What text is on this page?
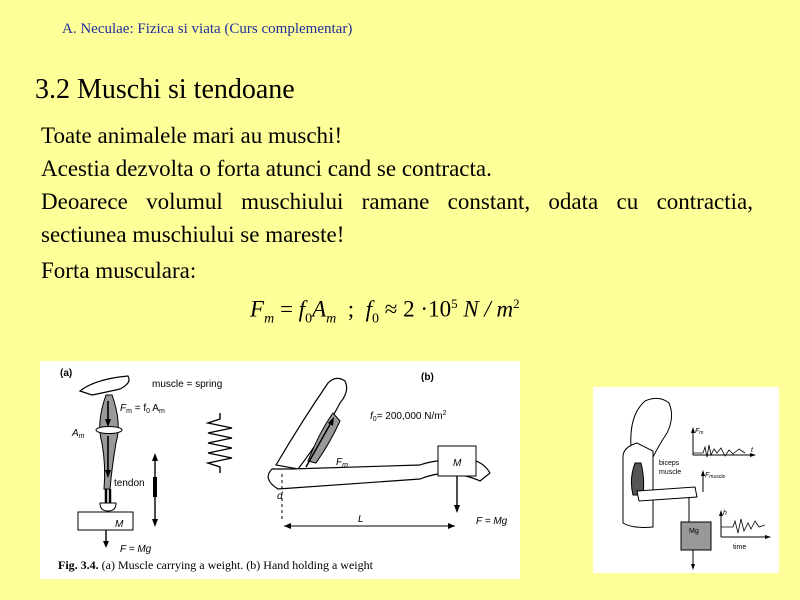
A. Neculae: Fizica si viata (Curs complementar)
3.2 Muschi si tendoane

Toate animalele mari au muschi!

Acestia dezvolta o forta atunci cand se contracta.

Deoarece volumul muschiului ramane constant, odata cu contractia, sectiunea muschiului se mareste!

Forta musculara:
$F_m = f_0A_m$  ;  $f_0 \approx 2 \cdot 10^5$ N / $m^2$
(a)	(b)
$F_m = f_0$ $A_m$
$A_m$
tendon
M
F = Mg
muscle = spring
d
$F_m$
$f_0= 200,000$ $N/m^2$
M
F = Mg
L
Fig. 3.4. (a) Muscle carrying a weight. (b) Hand holding a weight
biceps
muscle
Mg
Fm
t
Fmuscle
h
time
